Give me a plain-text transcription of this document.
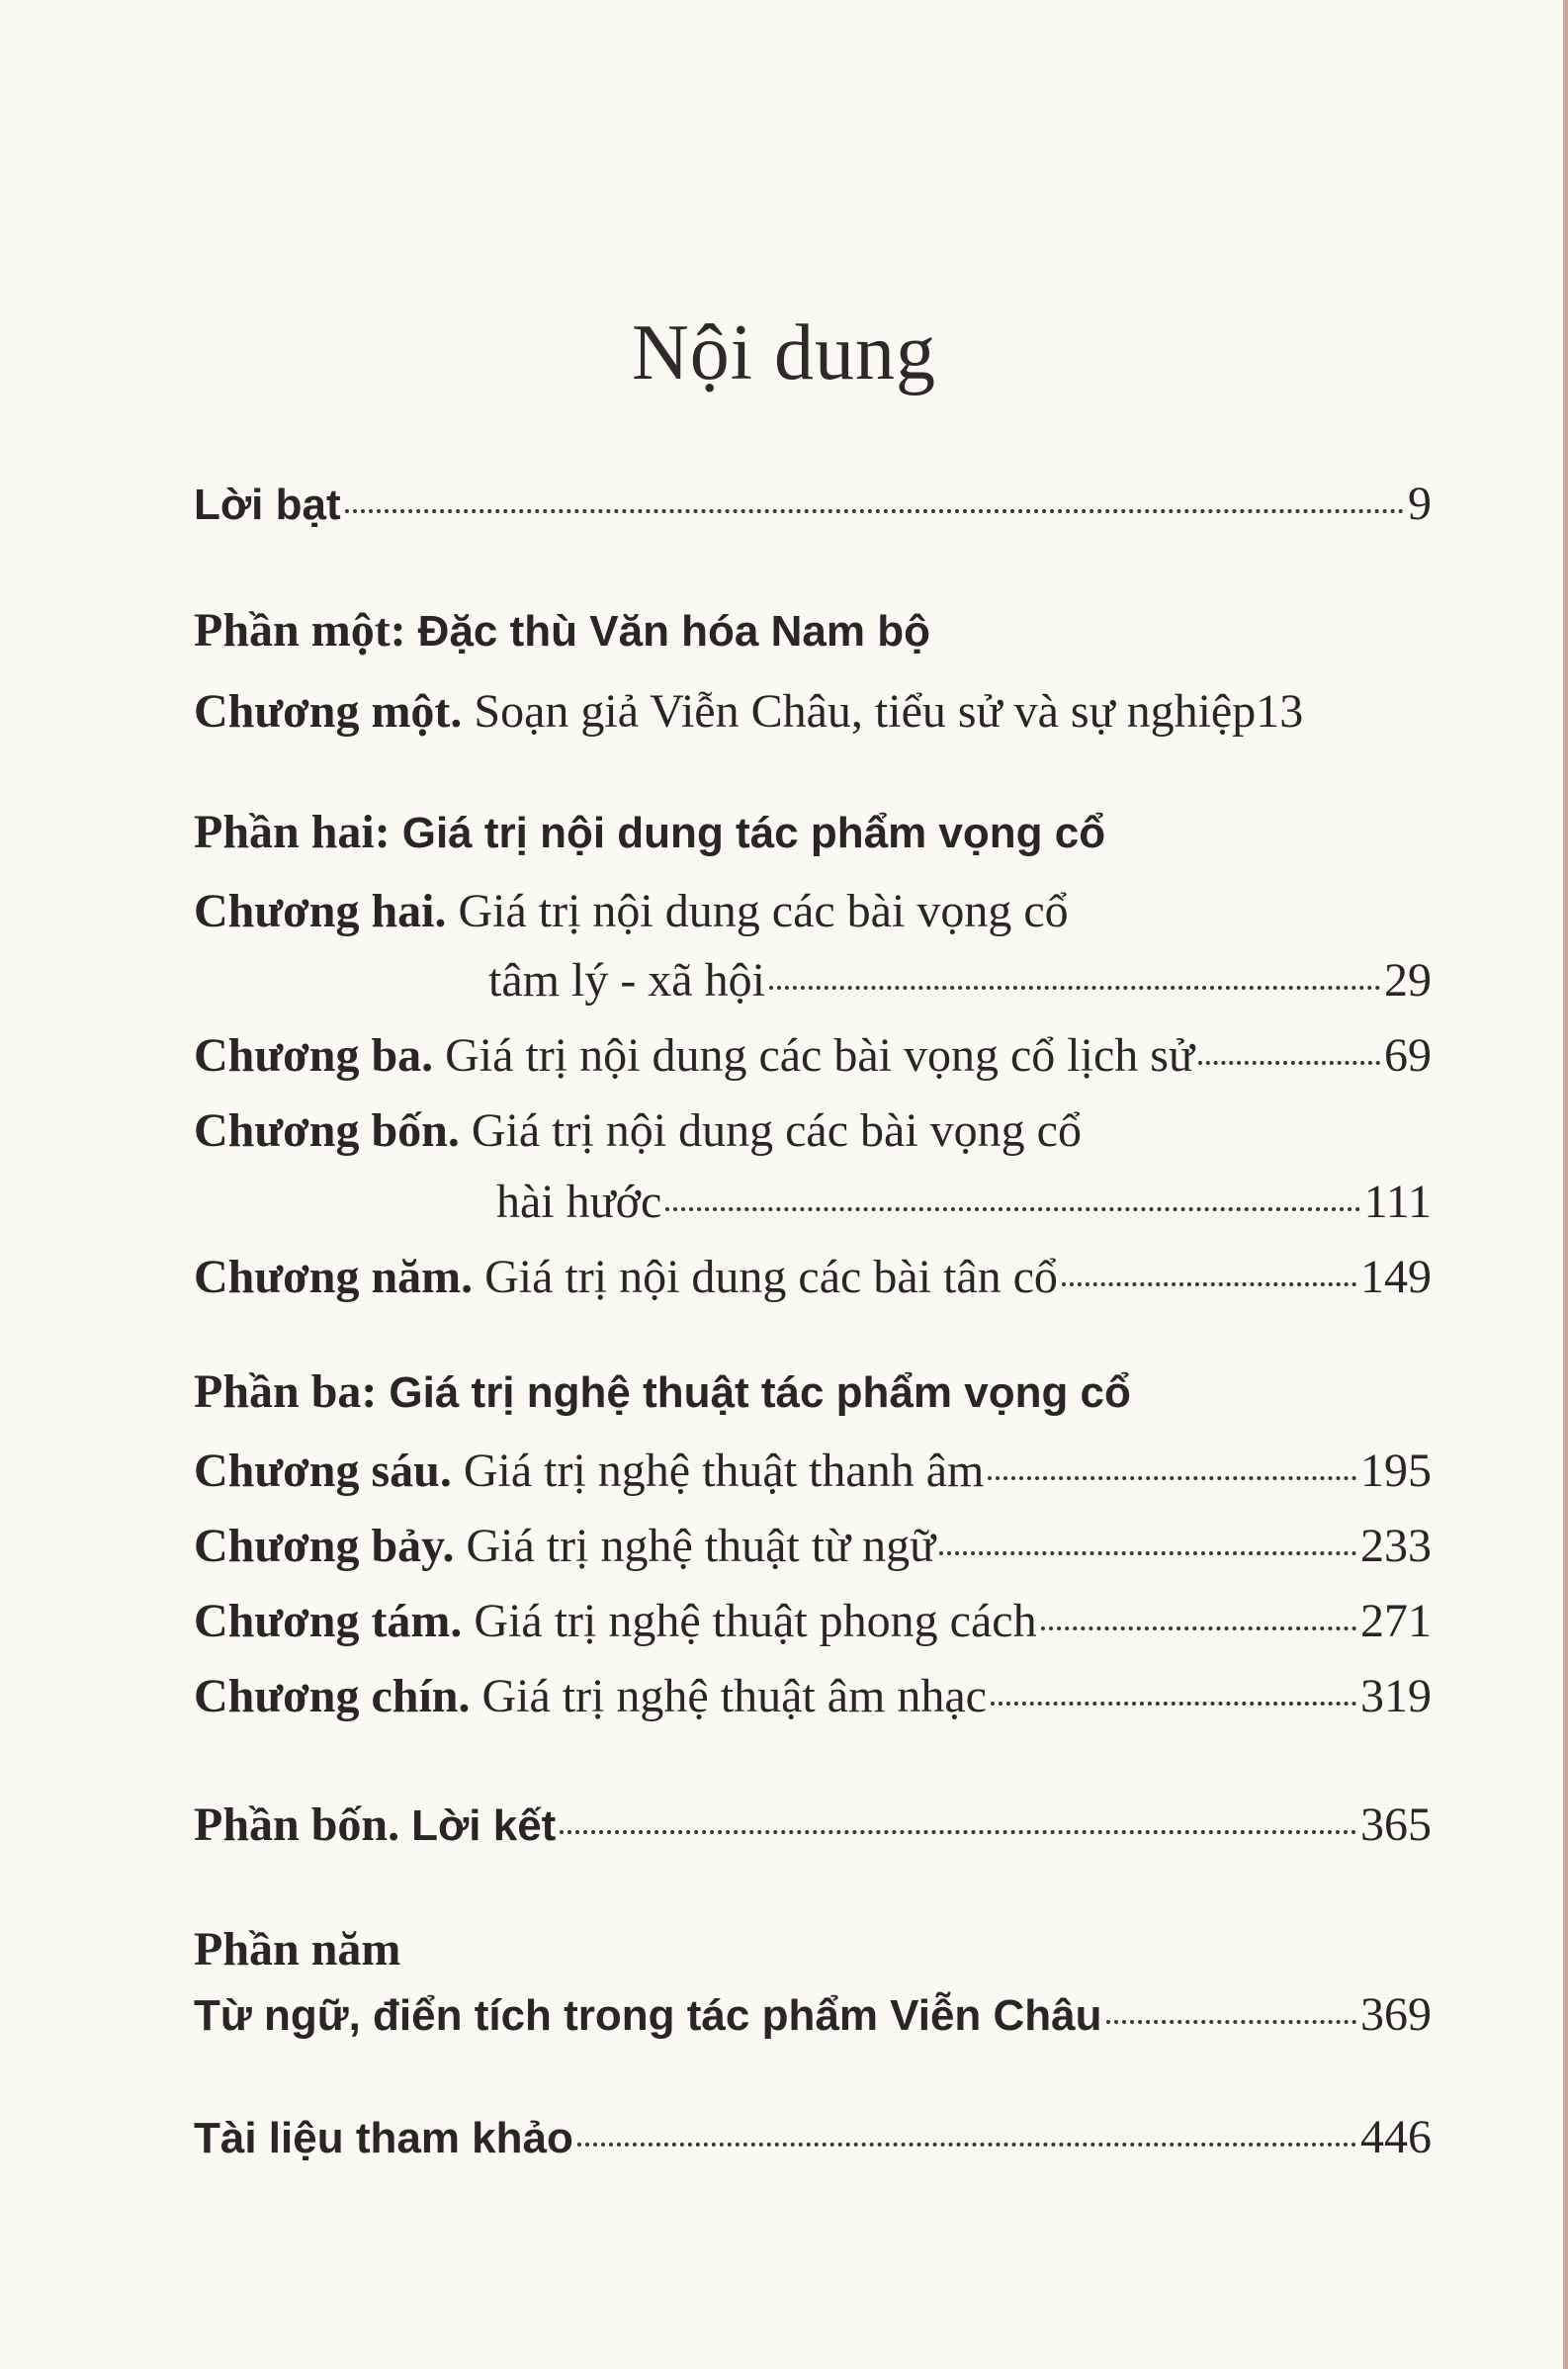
Nội dung
Lời bạt	9
Phần một: Đặc thù Văn hóa Nam bộ
Chương một. Soạn giả Viễn Châu, tiểu sử và sự nghiệp 13
Phần hai: Giá trị nội dung tác phẩm vọng cổ
Chương hai. Giá trị nội dung các bài vọng cổ
tâm lý - xã hội	29
Chương ba. Giá trị nội dung các bài vọng cổ lịch sử	69
Chương bốn. Giá trị nội dung các bài vọng cổ
hài hước	111
Chương năm. Giá trị nội dung các bài tân cổ	149
Phần ba: Giá trị nghệ thuật tác phẩm vọng cổ
Chương sáu. Giá trị nghệ thuật thanh âm	195
Chương bảy. Giá trị nghệ thuật từ ngữ	233
Chương tám. Giá trị nghệ thuật phong cách	271
Chương chín. Giá trị nghệ thuật âm nhạc	319
Phần bốn. Lời kết	365
Phần năm
Từ ngữ, điển tích trong tác phẩm Viễn Châu	369
Tài liệu tham khảo	446
